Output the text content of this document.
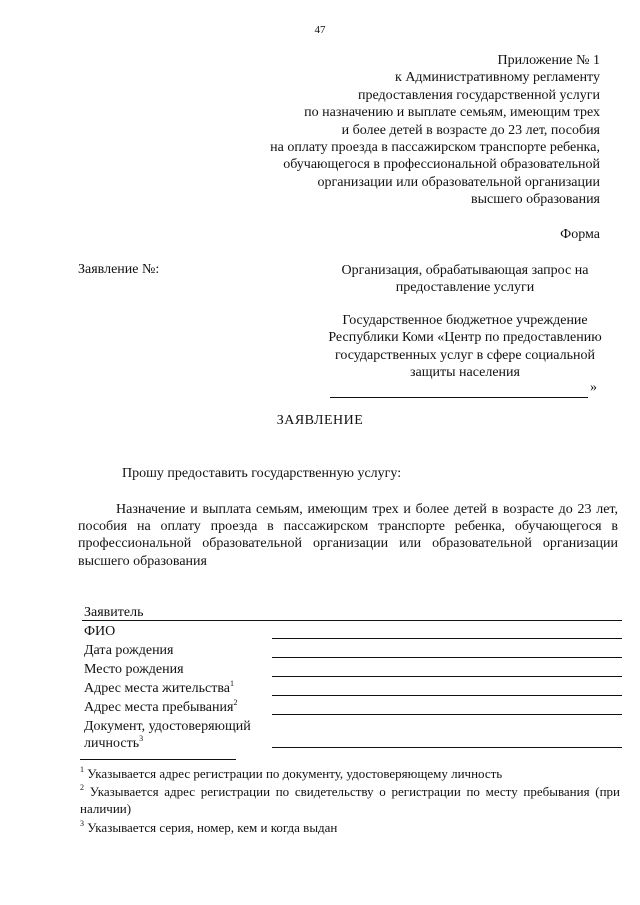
47
Приложение № 1
к Административному регламенту
предоставления государственной услуги
по назначению и выплате семьям, имеющим трех
и более детей в возрасте до 23 лет, пособия
на оплату проезда в пассажирском транспорте ребенка,
обучающегося в профессиональной образовательной
организации или образовательной организации
высшего образования
Форма
Заявление №:	Организация, обрабатывающая запрос на предоставление услуги
Государственное бюджетное учреждение Республики Коми «Центр по предоставлению государственных услуг в сфере социальной защиты населения
»
ЗАЯВЛЕНИЕ
Прошу предоставить государственную услугу:
Назначение и выплата семьям, имеющим трех и более детей в возрасте до 23 лет, пособия на оплату проезда в пассажирском транспорте ребенка, обучающегося в профессиональной образовательной организации или образовательной организации высшего образования
Заявитель
ФИО
Дата рождения
Место рождения
Адрес места жительства$^1$
Адрес места пребывания$^2$
Документ, удостоверяющий
личность$^3$
$^1$ Указывается адрес регистрации по документу, удостоверяющему личность
$^2$ Указывается адрес регистрации по свидетельству о регистрации по месту пребывания (при наличии)
$^3$ Указывается серия, номер, кем и когда выдан
